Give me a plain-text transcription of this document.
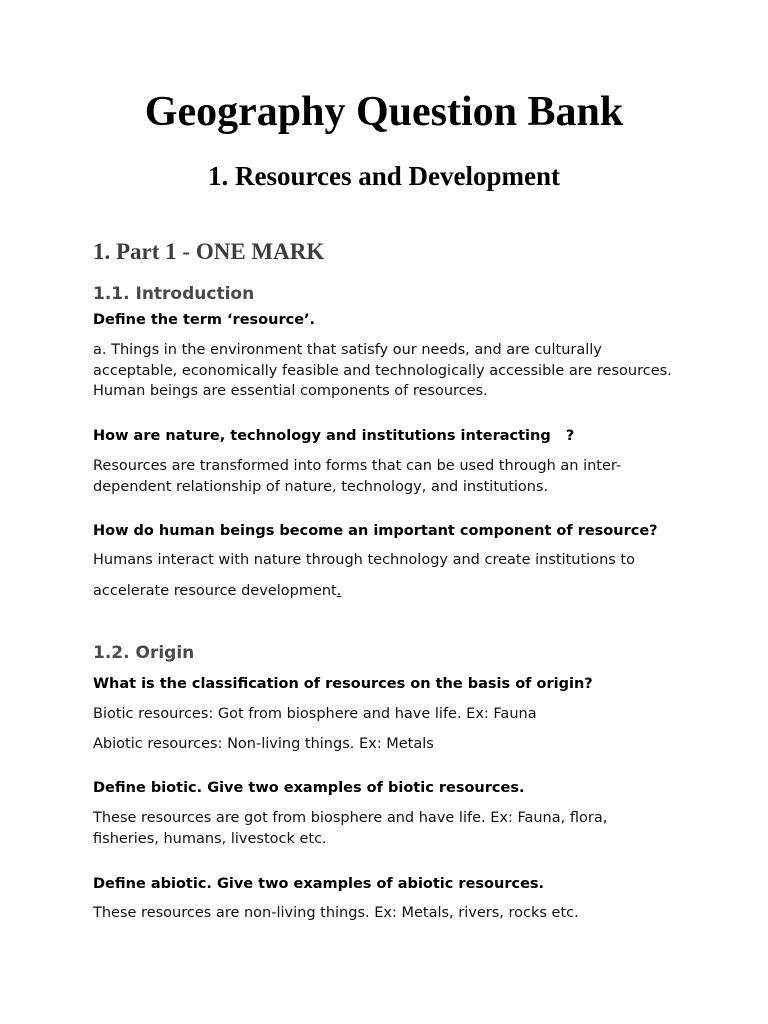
Geography Question Bank
1. Resources and Development
1. Part 1 - ONE MARK
1.1. Introduction

Define the term ‘resource’.

a. Things in the environment that satisfy our needs, and are culturally acceptable, economically feasible and technologically accessible are resources. Human beings are essential components of resources.

How are nature, technology and institutions interacting   ?

Resources are transformed into forms that can be used through an inter-dependent relationship of nature, technology, and institutions.

How do human beings become an important component of resource?

Humans interact with nature through technology and create institutions to accelerate resource development.

1.2. Origin

What is the classification of resources on the basis of origin?

Biotic resources: Got from biosphere and have life. Ex: Fauna

Abiotic resources: Non-living things. Ex: Metals

Define biotic. Give two examples of biotic resources.

These resources are got from biosphere and have life. Ex: Fauna, flora, fisheries, humans, livestock etc.

Define abiotic. Give two examples of abiotic resources.

These resources are non-living things. Ex: Metals, rivers, rocks etc.
